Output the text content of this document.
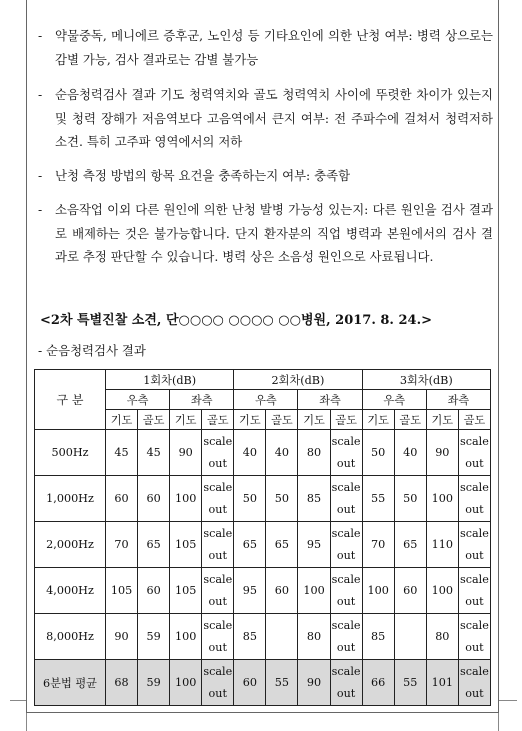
- 약물중독, 메니에르 증후군, 노인성 등 기타요인에 의한 난청 여부: 병력 상으로는 감별 가능, 검사 결과로는 감별 불가능
- 순음청력검사 결과 기도 청력역치와 골도 청력역치 사이에 뚜렷한 차이가 있는지 및 청력 장해가 저음역보다 고음역에서 큰지 여부: 전 주파수에 걸쳐서 청력저하 소견. 특히 고주파 영역에서의 저하
- 난청 측정 방법의 항목 요건을 충족하는지 여부: 충족함
- 소음작업 이외 다른 원인에 의한 난청 발병 가능성 있는지: 다른 원인을 검사 결과로 배제하는 것은 불가능합니다. 단지 환자분의 직업 병력과 본원에서의 검사 결과로 추정 판단할 수 있습니다. 병력 상은 소음성 원인으로 사료됩니다.
<2차 특별진찰 소견, 단○○○○ ○○○○ ○○병원, 2017. 8. 24.>
- 순음청력검사 결과
구 분	1회차(dB)				2회차(dB)				3회차(dB)			
	우측		좌측		우측		좌측		우측		좌측	
	기도	골도	기도	골도	기도	골도	기도	골도	기도	골도	기도	골도
500Hz	45	45	90	scale out	40	40	80	scale out	50	40	90	scale out
1,000Hz	60	60	100	scale out	50	50	85	scale out	55	50	100	scale out
2,000Hz	70	65	105	scale out	65	65	95	scale out	70	65	110	scale out
4,000Hz	105	60	105	scale out	95	60	100	scale out	100	60	100	scale out
8,000Hz	90	59	100	scale out	85		80	scale out	85		80	scale out
6분법 평균	68	59	100	scale out	60	55	90	scale out	66	55	101	scale out
